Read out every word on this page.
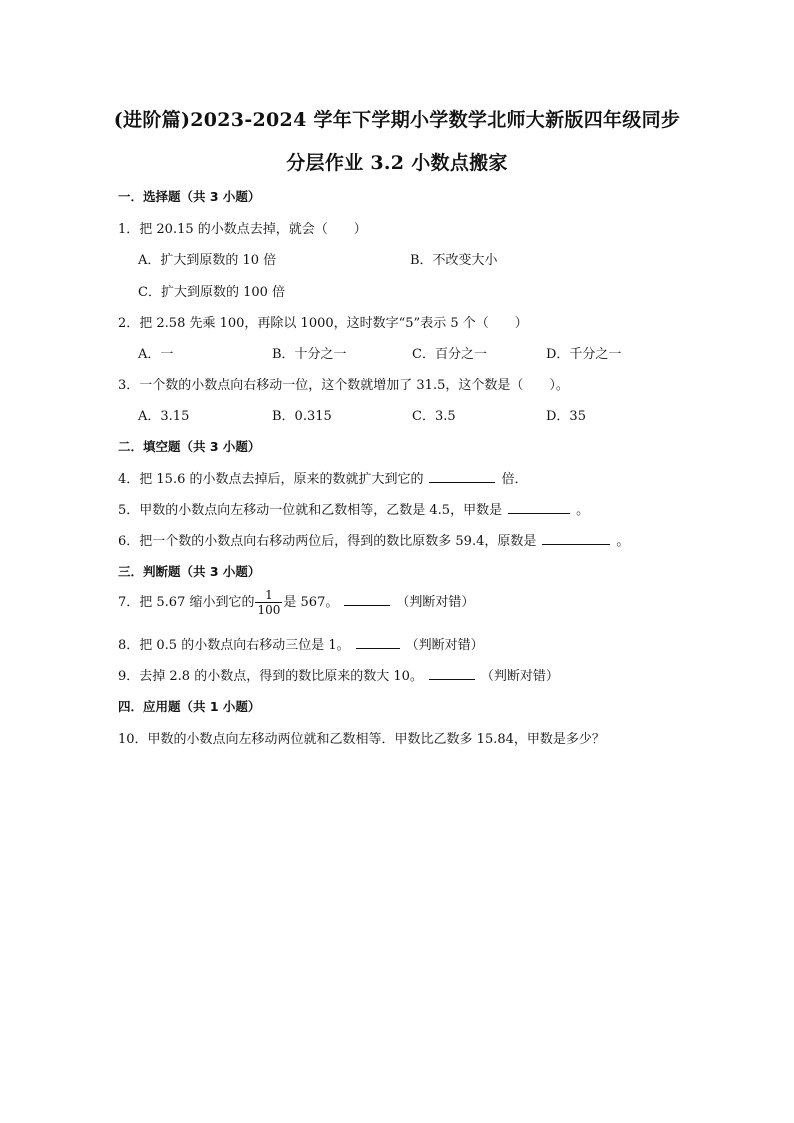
(进阶篇)2023-2024 学年下学期小学数学北师大新版四年级同步
分层作业 3.2 小数点搬家
一．选择题（共 3 小题）
1．把 20.15 的小数点去掉，就会（　　）
A．扩大到原数的 10 倍	B．不改变大小
C．扩大到原数的 100 倍
2．把 2.58 先乘 100，再除以 1000，这时数字“5”表示 5 个（　　）
A．一	B．十分之一	C．百分之一	D．千分之一
3．一个数的小数点向右移动一位，这个数就增加了 31.5，这个数是（　　）。
A．3.15	B．0.315	C．3.5	D．35
二．填空题（共 3 小题）
4．把 15.6 的小数点去掉后，原来的数就扩大到它的	倍．
5．甲数的小数点向左移动一位就和乙数相等，乙数是 4.5，甲数是	。
6．把一个数的小数点向右移动两位后，得到的数比原数多 59.4，原数是	。
三．判断题（共 3 小题）
7．把 5.67 缩小到它的 $\frac{1}{100}$ 是 567。	（判断对错）
8．把 0.5 的小数点向右移动三位是 1。	（判断对错）
9．去掉 2.8 的小数点，得到的数比原来的数大 10。	（判断对错）
四．应用题（共 1 小题）
10．甲数的小数点向左移动两位就和乙数相等．甲数比乙数多 15.84，甲数是多少？
